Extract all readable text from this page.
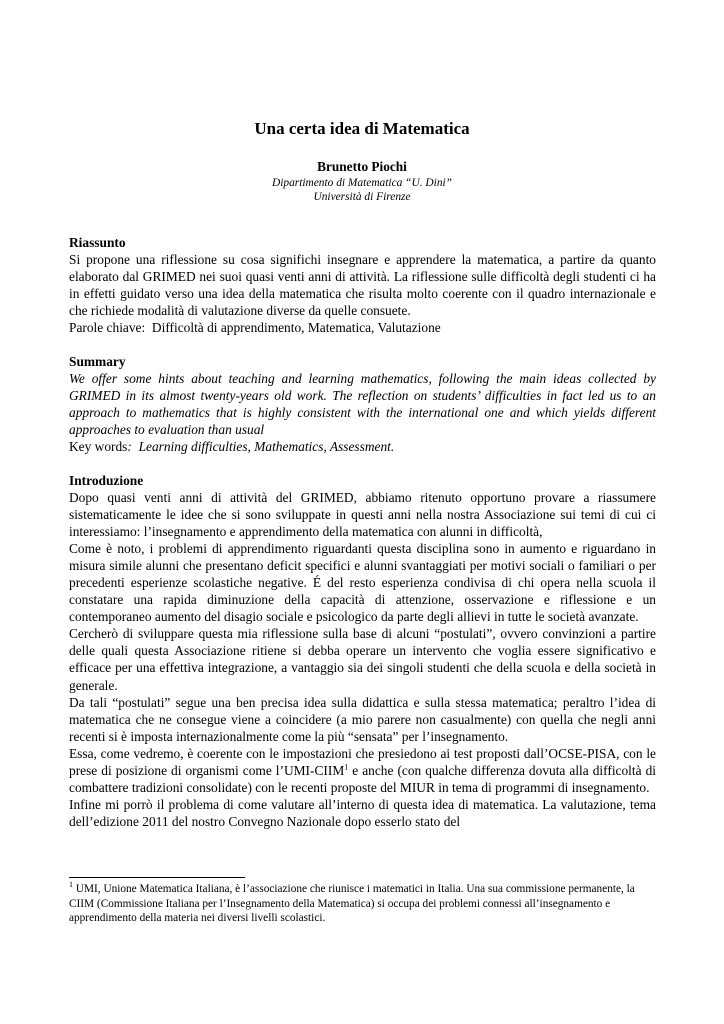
Una certa idea di Matematica
Brunetto Piochi
Dipartimento di Matematica “U. Dini”
Università di Firenze

Riassunto

Si propone una riflessione su cosa significhi insegnare e apprendere la matematica, a partire da quanto elaborato dal GRIMED nei suoi quasi venti anni di attività. La riflessione sulle difficoltà degli studenti ci ha in effetti guidato verso una idea della matematica che risulta molto coerente con il quadro internazionale e che richiede modalità di valutazione diverse da quelle consuete.

Parole chiave: Difficoltà di apprendimento, Matematica, Valutazione

Summary

We offer some hints about teaching and learning mathematics, following the main ideas collected by GRIMED in its almost twenty-years old work. The reflection on students’ difficulties in fact led us to an approach to mathematics that is highly consistent with the international one and which yields different approaches to evaluation than usual

Key words: Learning difficulties, Mathematics, Assessment.

Introduzione

Dopo quasi venti anni di attività del GRIMED, abbiamo ritenuto opportuno provare a riassumere sistematicamente le idee che si sono sviluppate in questi anni nella nostra Associazione sui temi di cui ci interessiamo: l’insegnamento e apprendimento della matematica con alunni in difficoltà,

Come è noto, i problemi di apprendimento riguardanti questa disciplina sono in aumento e riguardano in misura simile alunni che presentano deficit specifici e alunni svantaggiati per motivi sociali o familiari o per precedenti esperienze scolastiche negative. É del resto esperienza condivisa di chi opera nella scuola il constatare una rapida diminuzione della capacità di attenzione, osservazione e riflessione e un contemporaneo aumento del disagio sociale e psicologico da parte degli allievi in tutte le società avanzate.

Cercherò di sviluppare questa mia riflessione sulla base di alcuni “postulati”, ovvero convinzioni a partire delle quali questa Associazione ritiene si debba operare un intervento che voglia essere significativo e efficace per una effettiva integrazione, a vantaggio sia dei singoli studenti che della scuola e della società in generale.

Da tali “postulati” segue una ben precisa idea sulla didattica e sulla stessa matematica; peraltro l’idea di matematica che ne consegue viene a coincidere (a mio parere non casualmente) con quella che negli anni recenti si è imposta internazionalmente come la più “sensata” per l’insegnamento.

Essa, come vedremo, è coerente con le impostazioni che presiedono ai test proposti dall’OCSE-PISA, con le prese di posizione di organismi come l’UMI-CIIM$^1$ e anche (con qualche differenza dovuta alla difficoltà di combattere tradizioni consolidate) con le recenti proposte del MIUR in tema di programmi di insegnamento.

Infine mi porrò il problema di come valutare all’interno di questa idea di matematica. La valutazione, tema dell’edizione 2011 del nostro Convegno Nazionale dopo esserlo stato del

$^1$ UMI, Unione Matematica Italiana, è l’associazione che riunisce i matematici in Italia. Una sua commissione permanente, la CIIM (Commissione Italiana per l’Insegnamento della Matematica) si occupa dei problemi connessi all’insegnamento e apprendimento della materia nei diversi livelli scolastici.
